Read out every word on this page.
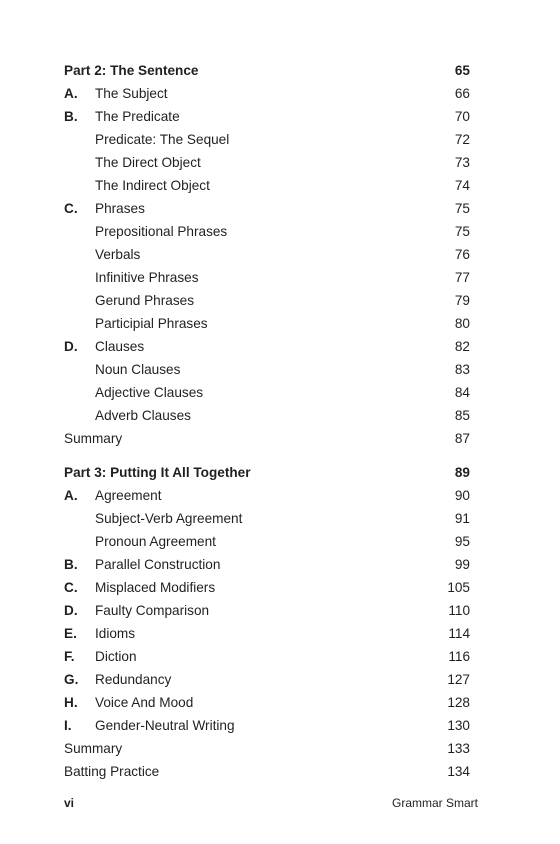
Part 2: The Sentence	65
A.	The Subject	66
B.	The Predicate	70
Predicate: The Sequel	72
The Direct Object	73
The Indirect Object	74
C.	Phrases	75
Prepositional Phrases	75
Verbals	76
Infinitive Phrases	77
Gerund Phrases	79
Participial Phrases	80
D.	Clauses	82
Noun Clauses	83
Adjective Clauses	84
Adverb Clauses	85
Summary	87
Part 3: Putting It All Together	89
A.	Agreement	90
Subject-Verb Agreement	91
Pronoun Agreement	95
B.	Parallel Construction	99
C.	Misplaced Modifiers	105
D.	Faulty Comparison	110
E.	Idioms	114
F.	Diction	116
G.	Redundancy	127
H.	Voice And Mood	128
I.	Gender-Neutral Writing	130
Summary	133
Batting Practice	134
vi	Grammar Smart
